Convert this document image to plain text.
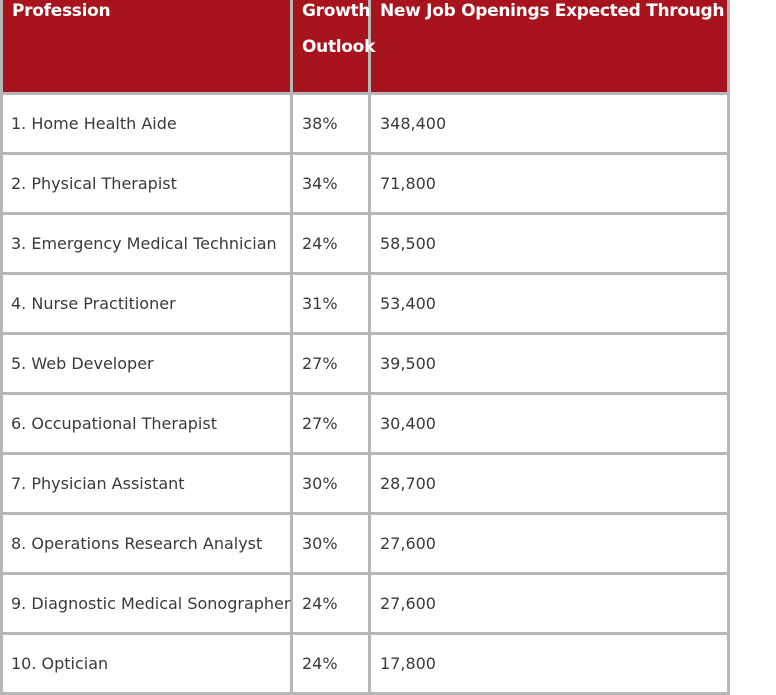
Profession	Growth Outlook	New Job Openings Expected Through 2024
1. Home Health Aide	38%	348,400
2. Physical Therapist	34%	71,800
3. Emergency Medical Technician	24%	58,500
4. Nurse Practitioner	31%	53,400
5. Web Developer	27%	39,500
6. Occupational Therapist	27%	30,400
7. Physician Assistant	30%	28,700
8. Operations Research Analyst	30%	27,600
9. Diagnostic Medical Sonographer	24%	27,600
10. Optician	24%	17,800
